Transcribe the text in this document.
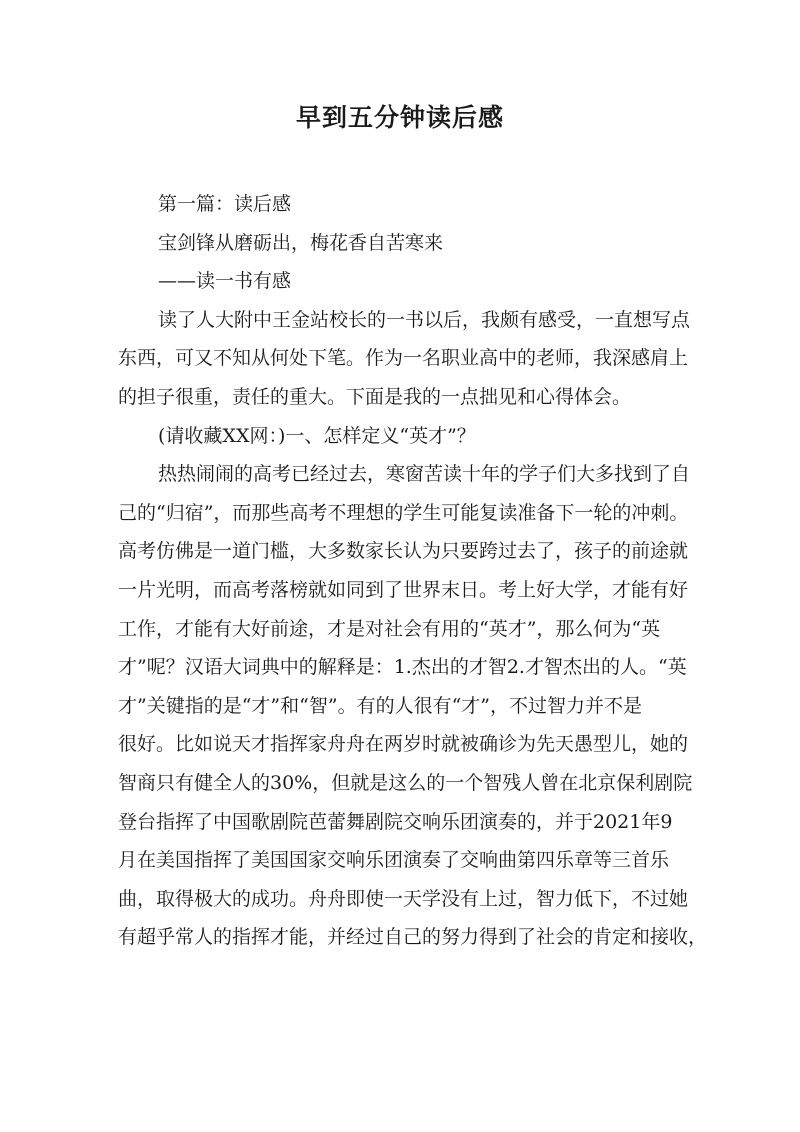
早到五分钟读后感

第一篇：读后感

宝剑锋从磨砺出，梅花香自苦寒来

——读一书有感

读了人大附中王金站校长的一书以后，我颇有感受，一直想写点

东西，可又不知从何处下笔。作为一名职业高中的老师，我深感肩上

的担子很重，责任的重大。下面是我的一点拙见和心得体会。

(请收藏XX网：)一、怎样定义“英才”？

热热闹闹的高考已经过去，寒窗苦读十年的学子们大多找到了自

己的“归宿”，而那些高考不理想的学生可能复读准备下一轮的冲刺。

高考仿佛是一道门槛，大多数家长认为只要跨过去了，孩子的前途就

一片光明，而高考落榜就如同到了世界末日。考上好大学，才能有好

工作，才能有大好前途，才是对社会有用的“英才”，那么何为“英

才”呢？汉语大词典中的解释是：1.杰出的才智2.才智杰出的人。“英

才”关键指的是“才”和“智”。有的人很有“才”，不过智力并不是

很好。比如说天才指挥家舟舟在两岁时就被确诊为先天愚型儿，她的

智商只有健全人的30%，但就是这么的一个智残人曾在北京保利剧院

登台指挥了中国歌剧院芭蕾舞剧院交响乐团演奏的，并于2021年9

月在美国指挥了美国国家交响乐团演奏了交响曲第四乐章等三首乐

曲，取得极大的成功。舟舟即使一天学没有上过，智力低下，不过她

有超乎常人的指挥才能，并经过自己的努力得到了社会的肯定和接收，
